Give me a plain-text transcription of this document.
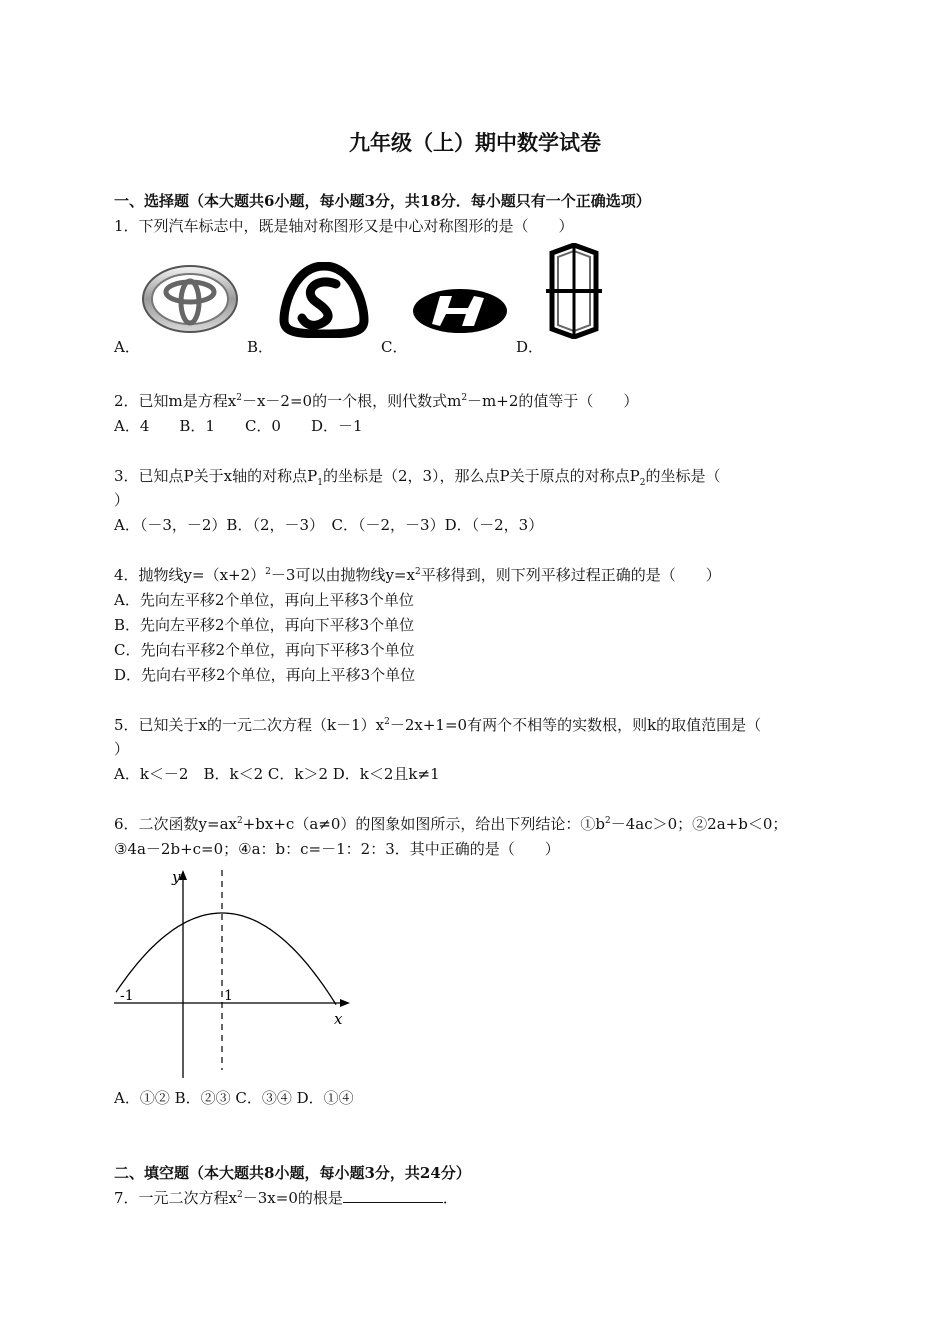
九年级（上）期中数学试卷
一、选择题（本大题共6小题，每小题3分，共18分．每小题只有一个正确选项）
1．下列汽车标志中，既是轴对称图形又是中心对称图形的是（　　）
A．	B．	C．	D．
2．已知m是方程$x^2-x-2=0$的一个根，则代数式$m^2-m+2$的值等于（　　）
A．4　　B．1　　C．0　　D．－1
3．已知点P关于x轴的对称点$P_1$的坐标是（2，3），那么点P关于原点的对称点$P_2$的坐标是（
）
A．（－3，－2）B．（2，－3）　C．（－2，－3）D．（－2，3）
4．抛物线$y=(x+2)^2-3$可以由抛物线$y=x^2$平移得到，则下列平移过程正确的是（　　）
A．先向左平移2个单位，再向上平移3个单位
B．先向左平移2个单位，再向下平移3个单位
C．先向右平移2个单位，再向下平移3个单位
D．先向右平移2个单位，再向上平移3个单位
5．已知关于x的一元二次方程$(k-1)x^2-2x+1=0$有两个不相等的实数根，则k的取值范围是（
）
A．k＜－2　B．k＜2 C．k＞2 D．k＜2且k≠1
6．二次函数$y=ax^2+bx+c(a\ne 0)$的图象如图所示，给出下列结论：$①b^2-4ac>0$；②2a+b＜0；
③4a－2b+c=0；④a：b：c=－1：2：3．其中正确的是（　　）
y
x
-1	1
A．①② B．②③ C．③④ D．①④
二、填空题（本大题共8小题，每小题3分，共24分）
7．一元二次方程$x^2-3x=0$的根是	．
